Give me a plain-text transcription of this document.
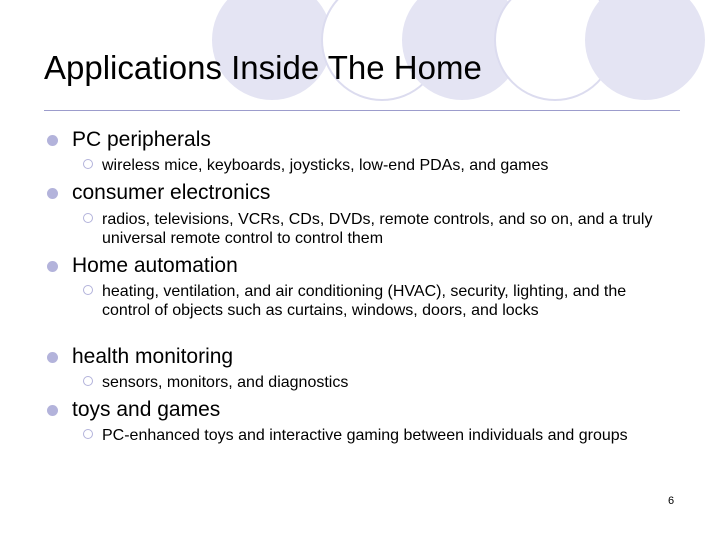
Applications Inside The Home
PC peripherals
wireless mice, keyboards, joysticks, low-end PDAs, and games
consumer electronics
radios, televisions, VCRs, CDs, DVDs, remote controls, and so on, and a truly universal remote control to control them
Home automation
heating, ventilation, and air conditioning (HVAC), security, lighting, and the control of objects such as curtains, windows, doors, and locks
health monitoring
sensors, monitors, and diagnostics
toys and games
PC-enhanced toys and interactive gaming between individuals and groups
6
